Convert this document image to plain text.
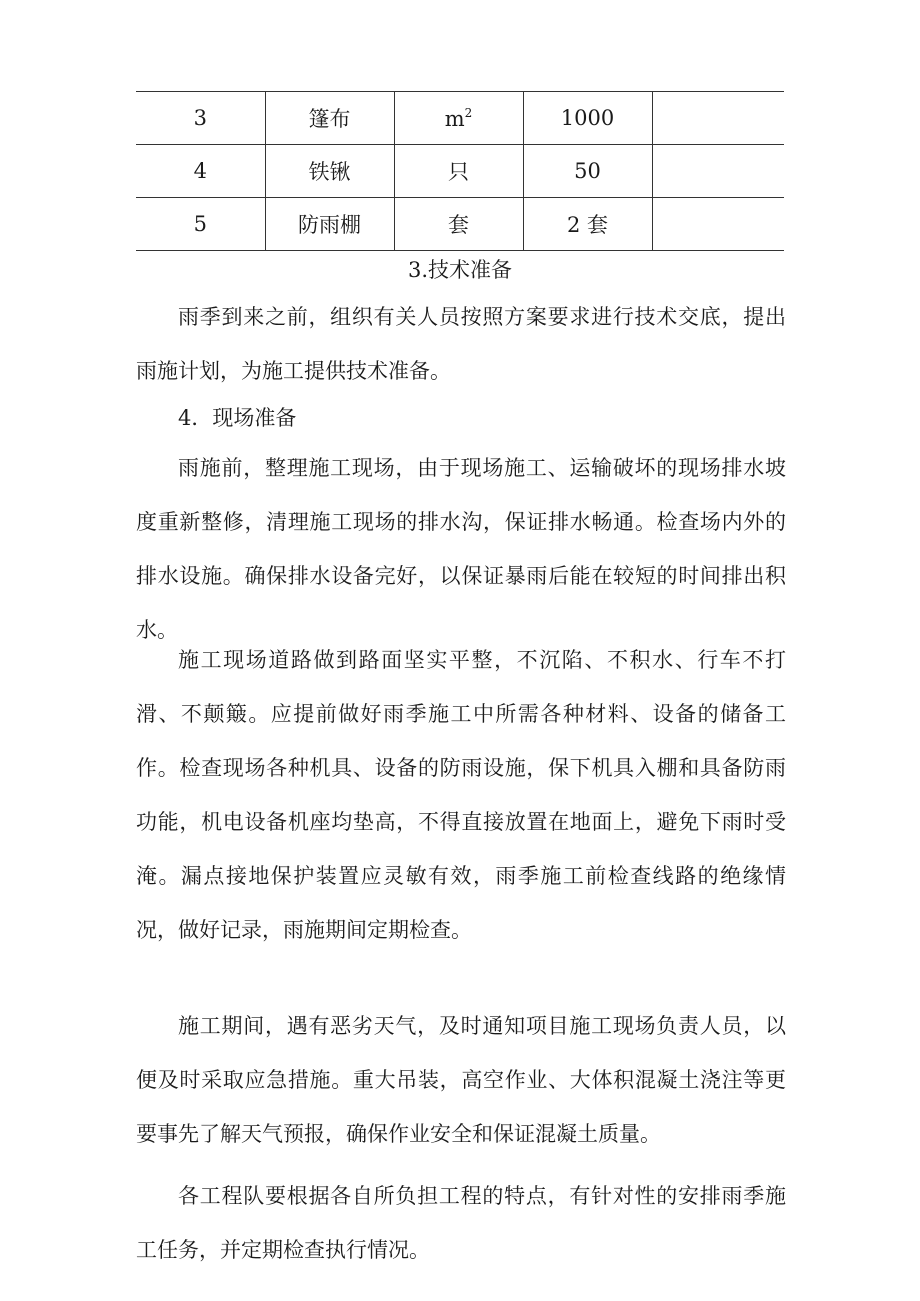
3	篷布	$m^2$	1000	
4	铁锹	只	50	
5	防雨棚	套	2 套	
3.技术准备

雨季到来之前，组织有关人员按照方案要求进行技术交底，提出雨施计划，为施工提供技术准备。

4．现场准备

雨施前，整理施工现场，由于现场施工、运输破坏的现场排水坡度重新整修，清理施工现场的排水沟，保证排水畅通。检查场内外的排水设施。确保排水设备完好，以保证暴雨后能在较短的时间排出积水。

施工现场道路做到路面坚实平整，不沉陷、不积水、行车不打滑、不颠簸。应提前做好雨季施工中所需各种材料、设备的储备工作。检查现场各种机具、设备的防雨设施，保下机具入棚和具备防雨功能，机电设备机座均垫高，不得直接放置在地面上，避免下雨时受淹。漏点接地保护装置应灵敏有效，雨季施工前检查线路的绝缘情况，做好记录，雨施期间定期检查。

施工期间，遇有恶劣天气，及时通知项目施工现场负责人员，以便及时采取应急措施。重大吊装，高空作业、大体积混凝土浇注等更要事先了解天气预报，确保作业安全和保证混凝土质量。

各工程队要根据各自所负担工程的特点，有针对性的安排雨季施工任务，并定期检查执行情况。
